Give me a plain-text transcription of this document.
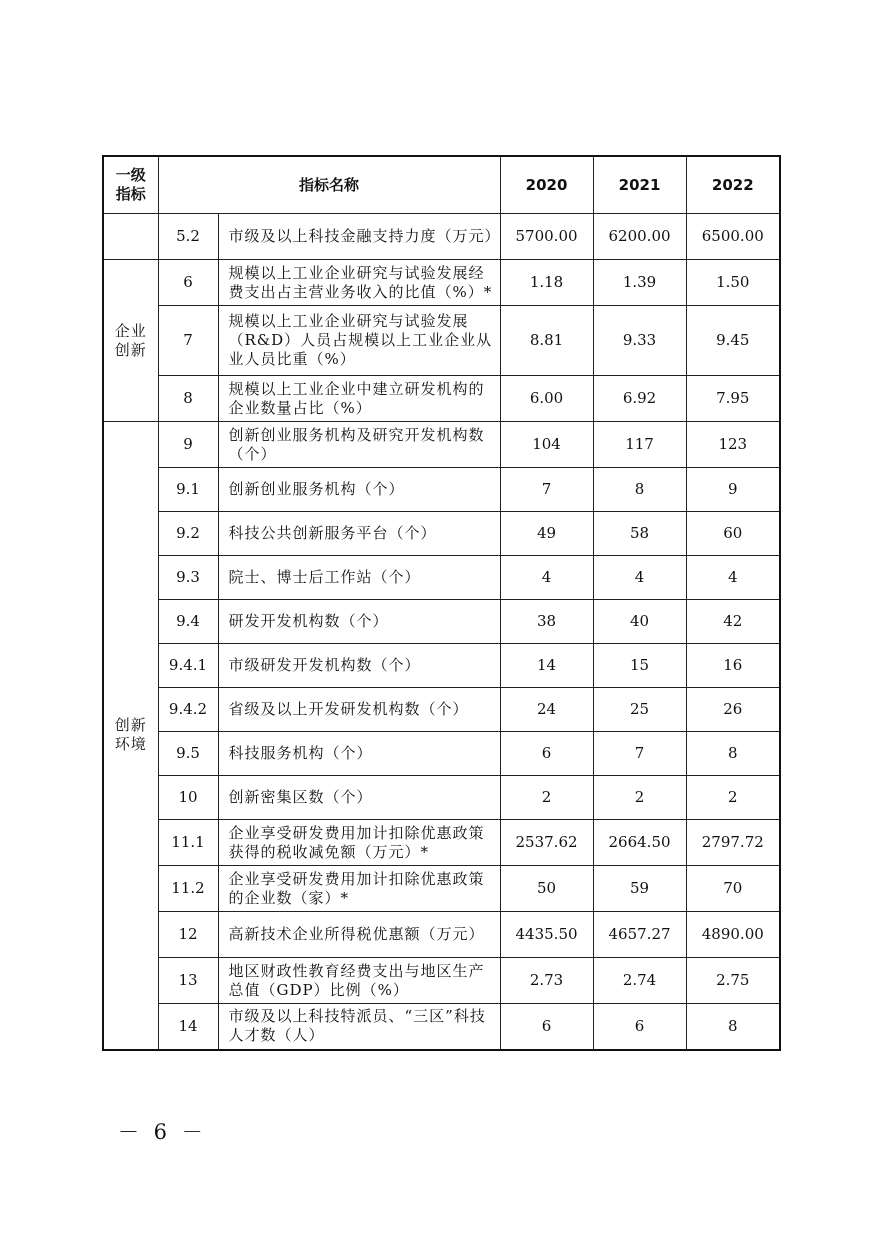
一级指标	指标名称		2020	2021	2022
	5.2	市级及以上科技金融支持力度（万元）	5700.00	6200.00	6500.00
企业创新	6	规模以上工业企业研究与试验发展经费支出占主营业务收入的比值（%）*	1.18	1.39	1.50
	7	规模以上工业企业研究与试验发展（R&D）人员占规模以上工业企业从业人员比重（%）	8.81	9.33	9.45
	8	规模以上工业企业中建立研发机构的企业数量占比（%）	6.00	6.92	7.95
创新环境	9	创新创业服务机构及研究开发机构数（个）	104	117	123
	9.1	创新创业服务机构（个）	7	8	9
	9.2	科技公共创新服务平台（个）	49	58	60
	9.3	院士、博士后工作站（个）	4	4	4
	9.4	研发开发机构数（个）	38	40	42
	9.4.1	市级研发开发机构数（个）	14	15	16
	9.4.2	省级及以上开发研发机构数（个）	24	25	26
	9.5	科技服务机构（个）	6	7	8
	10	创新密集区数（个）	2	2	2
	11.1	企业享受研发费用加计扣除优惠政策获得的税收减免额（万元）*	2537.62	2664.50	2797.72
	11.2	企业享受研发费用加计扣除优惠政策的企业数（家）*	50	59	70
	12	高新技术企业所得税优惠额（万元）	4435.50	4657.27	4890.00
	13	地区财政性教育经费支出与地区生产总值（GDP）比例（%）	2.73	2.74	2.75
	14	市级及以上科技特派员、“三区”科技人才数（人）	6	6	8
－ 6 －
